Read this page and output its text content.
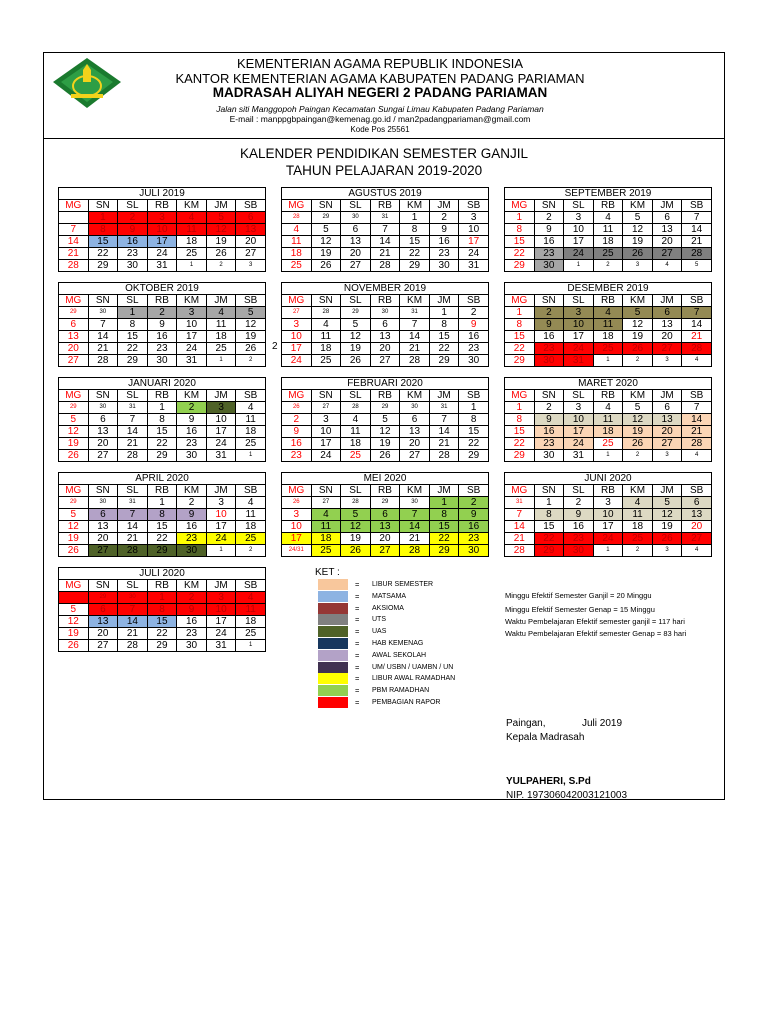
KEMENTERIAN AGAMA REPUBLIK INDONESIA
KANTOR KEMENTERIAN AGAMA KABUPATEN PADANG PARIAMAN
MADRASAH ALIYAH NEGERI 2 PADANG PARIAMAN
Jalan siti Manggopoh Paingan Kecamatan Sungai Limau Kabupaten Padang Pariaman
E-mail : manppgbpaingan@kemenag.go.id / man2padangpariaman@gmail.com
Kode Pos 25561
KALENDER PENDIDIKAN SEMESTER GANJIL
TAHUN PELAJARAN 2019-2020
JULI 2019						
MG	SN	SL	RB	KM	JM	SB
	1	2	3	4	5	6
7	8	9	10	11	12	13
14	15	16	17	18	19	20
21	22	23	24	25	26	27
28	29	30	31	1	2	3
AGUSTUS 2019						
MG	SN	SL	RB	KM	JM	SB
28	29	30	31	1	2	3
4	5	6	7	8	9	10
11	12	13	14	15	16	17
18	19	20	21	22	23	24
25	26	27	28	29	30	31
SEPTEMBER 2019						
MG	SN	SL	RB	KM	JM	SB
1	2	3	4	5	6	7
8	9	10	11	12	13	14
15	16	17	18	19	20	21
22	23	24	25	26	27	28
29	30	1	2	3	4	5
OKTOBER 2019						
MG	SN	SL	RB	KM	JM	SB
29	30	1	2	3	4	5
6	7	8	9	10	11	12
13	14	15	16	17	18	19
20	21	22	23	24	25	26
27	28	29	30	31	1	2
NOVEMBER 2019						
MG	SN	SL	RB	KM	JM	SB
27	28	29	30	31	1	2
3	4	5	6	7	8	9
10	11	12	13	14	15	16
17	18	19	20	21	22	23
24	25	26	27	28	29	30
DESEMBER 2019						
MG	SN	SL	RB	KM	JM	SB
1	2	3	4	5	6	7
8	9	10	11	12	13	14
15	16	17	18	19	20	21
22	23	24	25	26	27	28
29	30	31	1	2	3	4
JANUARI 2020						
MG	SN	SL	RB	KM	JM	SB
29	30	31	1	2	3	4
5	6	7	8	9	10	11
12	13	14	15	16	17	18
19	20	21	22	23	24	25
26	27	28	29	30	31	1
FEBRUARI 2020						
MG	SN	SL	RB	KM	JM	SB
26	27	28	29	30	31	1
2	3	4	5	6	7	8
9	10	11	12	13	14	15
16	17	18	19	20	21	22
23	24	25	26	27	28	29
MARET 2020						
MG	SN	SL	RB	KM	JM	SB
1	2	3	4	5	6	7
8	9	10	11	12	13	14
15	16	17	18	19	20	21
22	23	24	25	26	27	28
29	30	31	1	2	3	4
APRIL 2020						
MG	SN	SL	RB	KM	JM	SB
29	30	31	1	2	3	4
5	6	7	8	9	10	11
12	13	14	15	16	17	18
19	20	21	22	23	24	25
26	27	28	29	30	1	2
MEI 2020						
MG	SN	SL	RB	KM	JM	SB
26	27	28	29	30	1	2
3	4	5	6	7	8	9
10	11	12	13	14	15	16
17	18	19	20	21	22	23
24/31	25	26	27	28	29	30
JUNI 2020						
MG	SN	SL	RB	KM	JM	SB
31	1	2	3	4	5	6
7	8	9	10	11	12	13
14	15	16	17	18	19	20
21	22	23	24	25	26	27
28	29	30	1	2	3	4
JULI 2020						
MG	SN	SL	RB	KM	JM	SB
28	29	30	1	2	3	4
5	6	7	8	9	10	11
12	13	14	15	16	17	18
19	20	21	22	23	24	25
26	27	28	29	30	31	1
2
KET :
= LIBUR SEMESTER
= MATSAMA
= AKSIOMA
= UTS
= UAS
= HAB KEMENAG
= AWAL SEKOLAH
= UM/ USBN / UAMBN / UN
= LIBUR AWAL RAMADHAN
= PBM RAMADHAN
= PEMBAGIAN RAPOR
Minggu Efektif Semester Ganjil = 20 Minggu
Minggu Efektif Semester Genap = 15 Minggu
Waktu Pembelajaran Efektif semester ganjil = 117 hari
Waktu Pembelajaran Efektif semester Genap = 83 hari
Paingan,	Juli 2019
Kepala Madrasah
YULPAHERI, S.Pd
NIP. 197306042003121003
